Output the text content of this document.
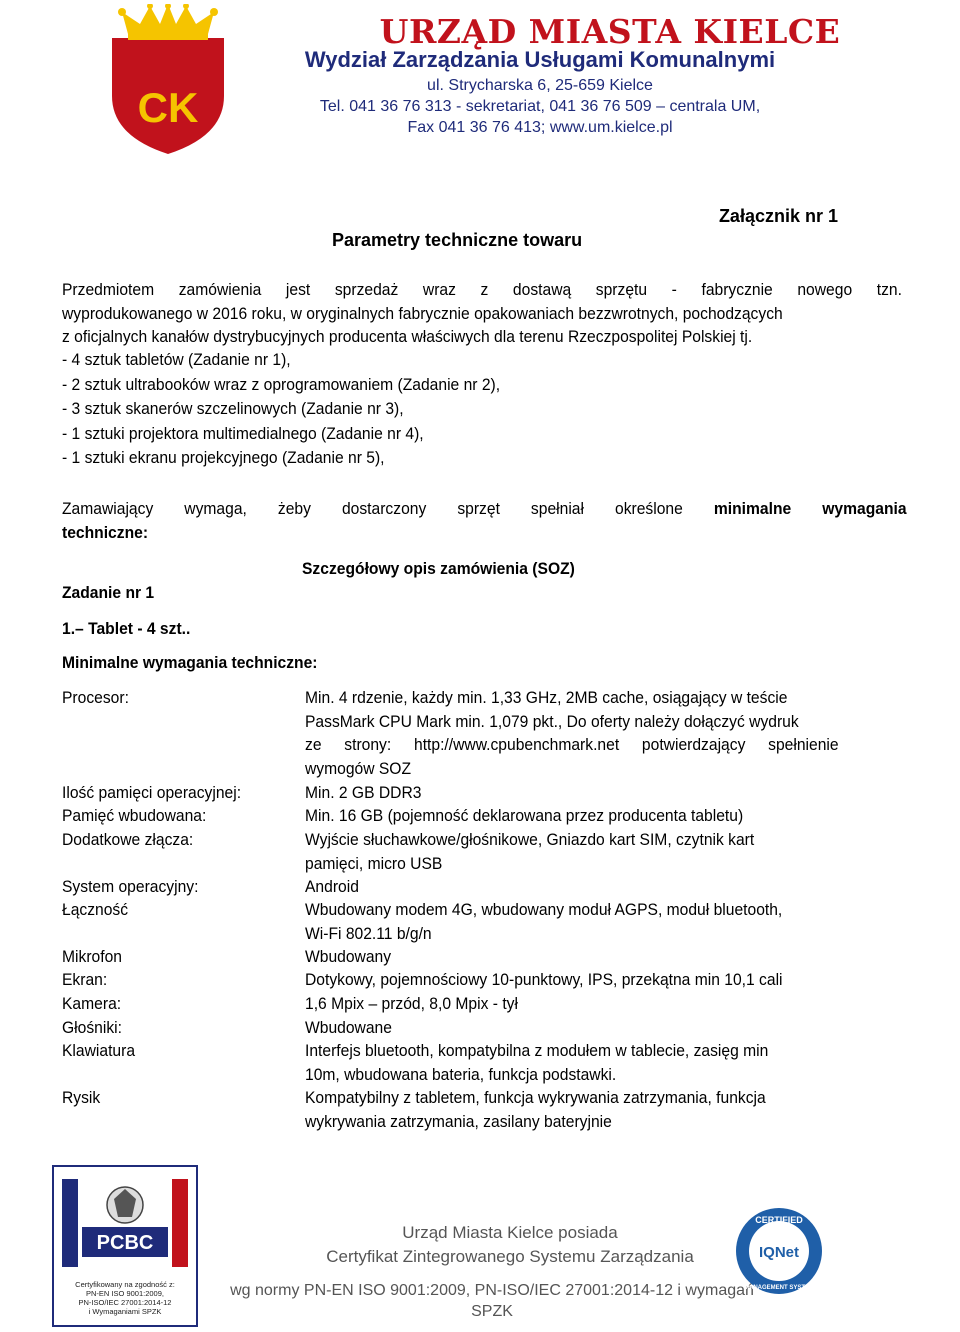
CK
URZĄD MIASTA KIELCE
Wydział Zarządzania Usługami Komunalnymi
ul. Strycharska 6, 25-659 Kielce
Tel. 041 36 76 313 - sekretariat, 041 36 76 509 – centrala UM,
Fax 041 36 76 413; www.um.kielce.pl
Załącznik nr 1
Parametry techniczne towaru
Przedmiotem zamówienia jest sprzedaż wraz z dostawą sprzętu - fabrycznie nowego tzn.
wyprodukowanego w 2016 roku, w oryginalnych fabrycznie opakowaniach bezzwrotnych, pochodzących
z oficjalnych kanałów dystrybucyjnych producenta właściwych dla terenu Rzeczpospolitej Polskiej tj.
- 4 sztuk tabletów (Zadanie nr 1),
- 2 sztuk ultrabooków wraz z oprogramowaniem (Zadanie nr 2),
- 3 sztuk skanerów szczelinowych (Zadanie nr 3),
- 1 sztuki projektora multimedialnego (Zadanie nr 4),
- 1 sztuki ekranu projekcyjnego (Zadanie nr 5),
Zamawiający wymaga, żeby dostarczony sprzęt spełniał określone minimalne wymagania
techniczne:
Szczegółowy opis zamówienia (SOZ)
Zadanie nr 1
1.– Tablet - 4 szt..
Minimalne wymagania techniczne:
Procesor:	Min. 4 rdzenie, każdy min. 1,33 GHz, 2MB cache, osiągający w teście
PassMark CPU Mark min. 1,079 pkt., Do oferty należy dołączyć wydruk
ze strony: http://www.cpubenchmark.net potwierdzający spełnienie
wymogów SOZ
Ilość pamięci operacyjnej:	Min. 2 GB DDR3
Pamięć wbudowana:	Min. 16 GB (pojemność deklarowana przez producenta tabletu)
Dodatkowe złącza:	Wyjście słuchawkowe/głośnikowe, Gniazdo kart SIM, czytnik kart
pamięci, micro USB
System operacyjny:	Android
Łączność	Wbudowany modem 4G, wbudowany moduł AGPS, moduł bluetooth,
Wi-Fi 802.11 b/g/n
Mikrofon	Wbudowany
Ekran:	Dotykowy, pojemnościowy 10-punktowy, IPS, przekątna min 10,1 cali
Kamera:	1,6 Mpix – przód, 8,0 Mpix - tył
Głośniki:	Wbudowane
Klawiatura	Interfejs bluetooth, kompatybilna z modułem w tablecie, zasięg min
10m, wbudowana bateria, funkcja podstawki.
Rysik	Kompatybilny z tabletem, funkcja wykrywania zatrzymania, funkcja
wykrywania zatrzymania, zasilany bateryjnie
PCBC
Certyfikowany na zgodność z:
PN-EN ISO 9001:2009,
PN-ISO/IEC 27001:2014-12
i Wymaganiami SPZK
Urząd Miasta Kielce posiada
Certyfikat Zintegrowanego Systemu Zarządzania
wg normy PN-EN ISO 9001:2009, PN-ISO/IEC 27001:2014-12 i wymagań SPZK
CERTIFIED
IQNet
MANAGEMENT SYSTEM
